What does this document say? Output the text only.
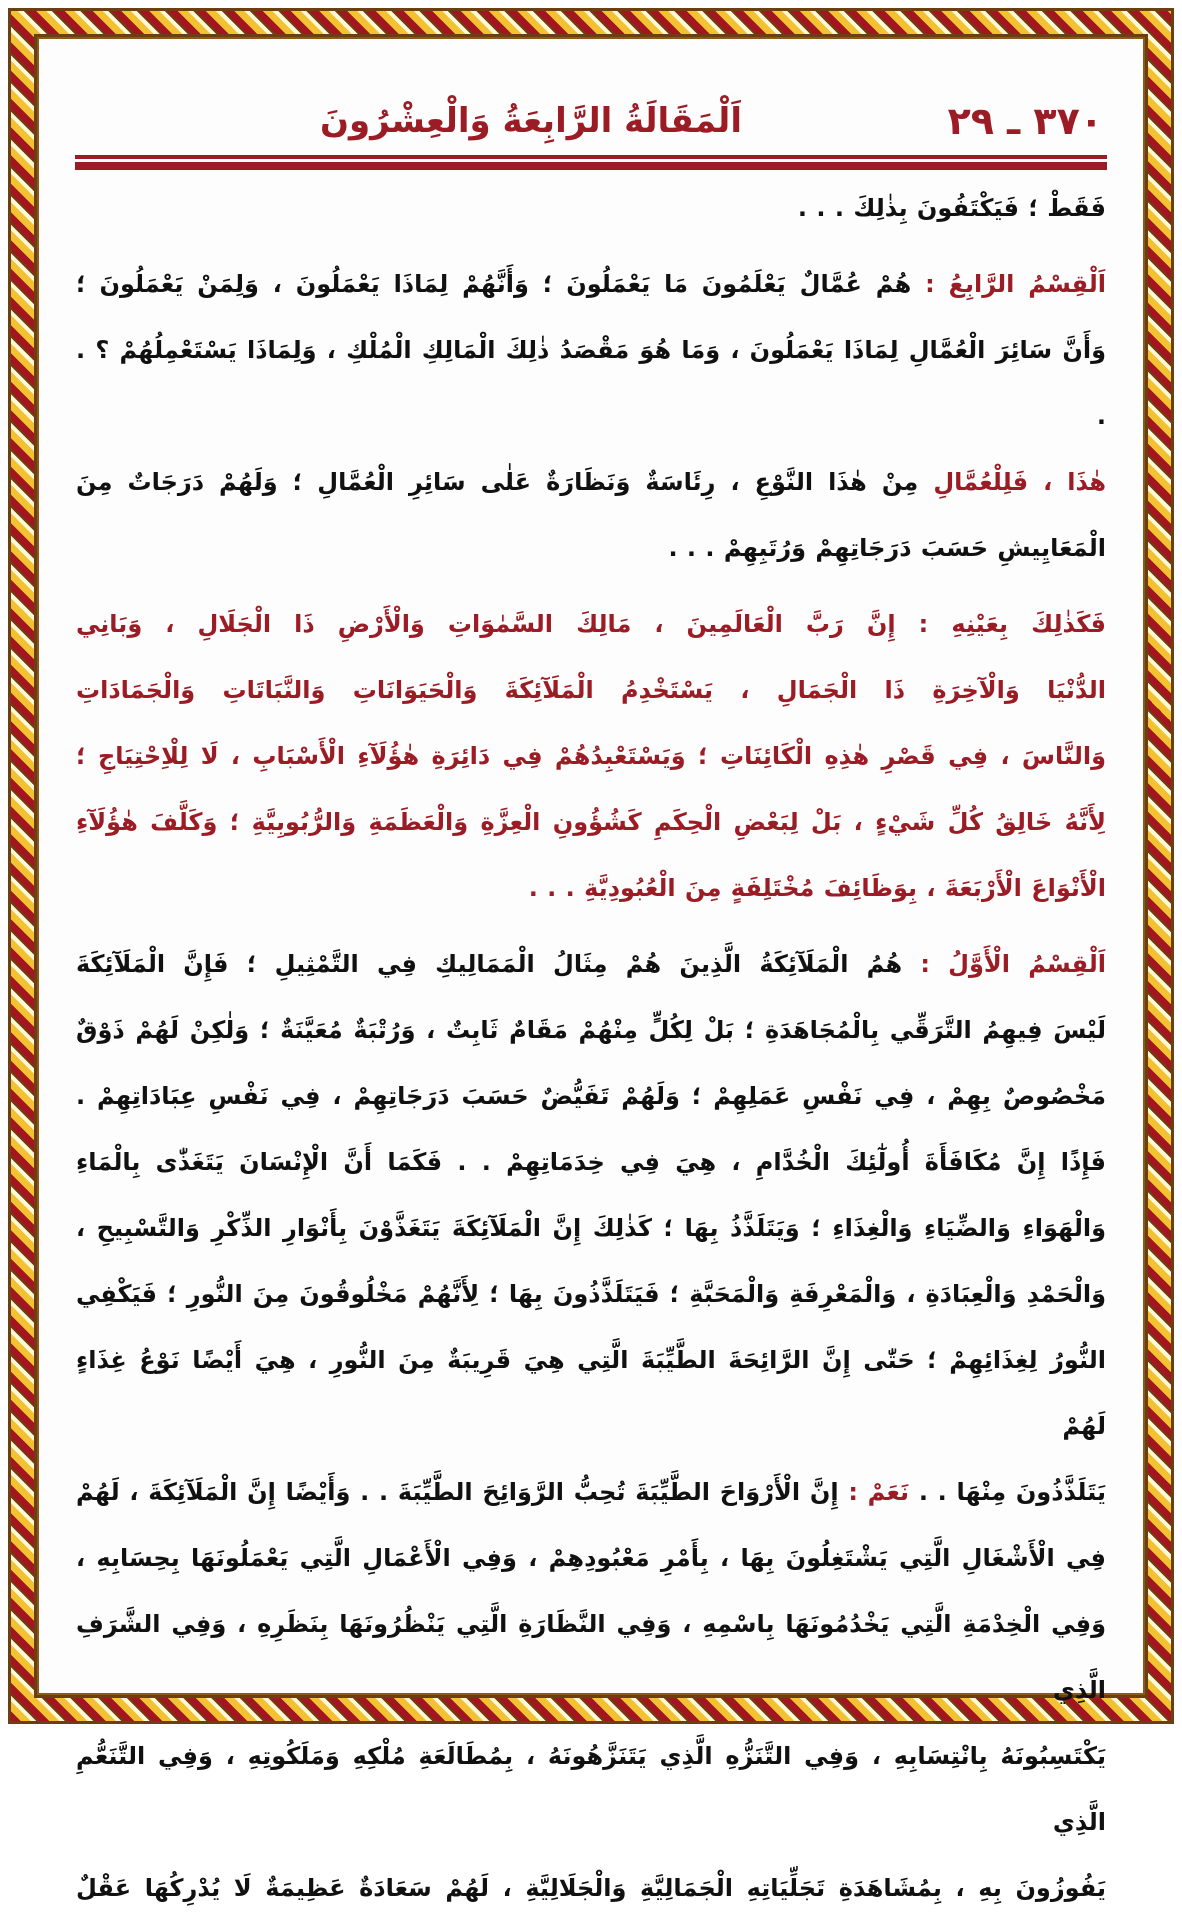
٣٧٠ ـ ٢٩
اَلْمَقَالَةُ الرَّابِعَةُ وَالْعِشْرُونَ
فَقَطْ ؛ فَيَكْتَفُونَ بِذٰلِكَ . . .
اَلْقِسْمُ الرَّابِعُ : هُمْ عُمَّالٌ يَعْلَمُونَ مَا يَعْمَلُونَ ؛ وَأَنَّهُمْ لِمَاذَا يَعْمَلُونَ ، وَلِمَنْ يَعْمَلُونَ ؛
وَأَنَّ سَائِرَ الْعُمَّالِ لِمَاذَا يَعْمَلُونَ ، وَمَا هُوَ مَقْصَدُ ذٰلِكَ الْمَالِكِ الْمُلْكِ ، وَلِمَاذَا يَسْتَعْمِلُهُمْ ؟ . .
هٰذَا ، فَلِلْعُمَّالِ مِنْ هٰذَا النَّوْعِ ، رِئَاسَةٌ وَنَظَارَةٌ عَلٰى سَائِرِ الْعُمَّالِ ؛ وَلَهُمْ دَرَجَاتٌ مِنَ
الْمَعَايِيشِ حَسَبَ دَرَجَاتِهِمْ وَرُتَبِهِمْ . . .
فَكَذٰلِكَ بِعَيْنِهِ : إِنَّ رَبَّ الْعَالَمِينَ ، مَالِكَ السَّمٰوَاتِ وَالْأَرْضِ ذَا الْجَلَالِ ، وَبَانِي
الدُّنْيَا وَالْآخِرَةِ ذَا الْجَمَالِ ، يَسْتَخْدِمُ الْمَلَآئِكَةَ وَالْحَيَوَانَاتِ وَالنَّبَاتَاتِ وَالْجَمَادَاتِ
وَالنَّاسَ ، فِي قَصْرِ هٰذِهِ الْكَائِنَاتِ ؛ وَيَسْتَعْبِدُهُمْ فِي دَائِرَةِ هٰؤُلَآءِ الْأَسْبَابِ ، لَا لِلْاِحْتِيَاجِ ؛
لِأَنَّهُ خَالِقُ كُلِّ شَيْءٍ ، بَلْ لِبَعْضِ الْحِكَمِ كَشُؤُونِ الْعِزَّةِ وَالْعَظَمَةِ وَالرُّبُوبِيَّةِ ؛ وَكَلَّفَ هٰؤُلَآءِ
الْأَنْوَاعَ الْأَرْبَعَةَ ، بِوَظَائِفَ مُخْتَلِفَةٍ مِنَ الْعُبُودِيَّةِ . . .
اَلْقِسْمُ الْأَوَّلُ : هُمُ الْمَلَآئِكَةُ الَّذِينَ هُمْ مِثَالُ الْمَمَالِيكِ فِي التَّمْثِيلِ ؛ فَإِنَّ الْمَلَآئِكَةَ
لَيْسَ فِيهِمُ التَّرَقِّي بِالْمُجَاهَدَةِ ؛ بَلْ لِكُلٍّ مِنْهُمْ مَقَامٌ ثَابِتٌ ، وَرُتْبَةٌ مُعَيَّنَةٌ ؛ وَلٰكِنْ لَهُمْ ذَوْقٌ
مَخْصُوصٌ بِهِمْ ، فِي نَفْسِ عَمَلِهِمْ ؛ وَلَهُمْ تَفَيُّضٌ حَسَبَ دَرَجَاتِهِمْ ، فِي نَفْسِ عِبَادَاتِهِمْ .
فَإِذًا إِنَّ مُكَافَأَةَ أُولٰٓئِكَ الْخُدَّامِ ، هِيَ فِي خِدَمَاتِهِمْ . . فَكَمَا أَنَّ الْإِنْسَانَ يَتَغَذّٰى بِالْمَاءِ
وَالْهَوَاءِ وَالضِّيَاءِ وَالْغِذَاءِ ؛ وَيَتَلَذَّذُ بِهَا ؛ كَذٰلِكَ إِنَّ الْمَلَآئِكَةَ يَتَغَذَّوْنَ بِأَنْوَارِ الذِّكْرِ وَالتَّسْبِيحِ ،
وَالْحَمْدِ وَالْعِبَادَةِ ، وَالْمَعْرِفَةِ وَالْمَحَبَّةِ ؛ فَيَتَلَذَّذُونَ بِهَا ؛ لِأَنَّهُمْ مَخْلُوقُونَ مِنَ النُّورِ ؛ فَيَكْفِي
النُّورُ لِغِذَائِهِمْ ؛ حَتّٰى إِنَّ الرَّائِحَةَ الطَّيِّبَةَ الَّتِي هِيَ قَرِيبَةٌ مِنَ النُّورِ ، هِيَ أَيْضًا نَوْعُ غِذَاءٍ لَهُمْ
يَتَلَذَّذُونَ مِنْهَا . . نَعَمْ : إِنَّ الْأَرْوَاحَ الطَّيِّبَةَ تُحِبُّ الرَّوَائِحَ الطَّيِّبَةَ . . وَأَيْضًا إِنَّ الْمَلَآئِكَةَ ، لَهُمْ
فِي الْأَشْغَالِ الَّتِي يَشْتَغِلُونَ بِهَا ، بِأَمْرِ مَعْبُودِهِمْ ، وَفِي الْأَعْمَالِ الَّتِي يَعْمَلُونَهَا بِحِسَابِهِ ،
وَفِي الْخِدْمَةِ الَّتِي يَخْدُمُونَهَا بِاسْمِهِ ، وَفِي النَّظَارَةِ الَّتِي يَنْظُرُونَهَا بِنَظَرِهِ ، وَفِي الشَّرَفِ الَّذِي
يَكْتَسِبُونَهُ بِانْتِسَابِهِ ، وَفِي التَّنَزُّهِ الَّذِي يَتَنَزَّهُونَهُ ، بِمُطَالَعَةِ مُلْكِهِ وَمَلَكُوتِهِ ، وَفِي التَّنَعُّمِ الَّذِي
يَفُوزُونَ بِهِ ، بِمُشَاهَدَةِ تَجَلِّيَاتِهِ الْجَمَالِيَّةِ وَالْجَلَالِيَّةِ ، لَهُمْ سَعَادَةٌ عَظِيمَةٌ لَا يُدْرِكُهَا عَقْلٌ
